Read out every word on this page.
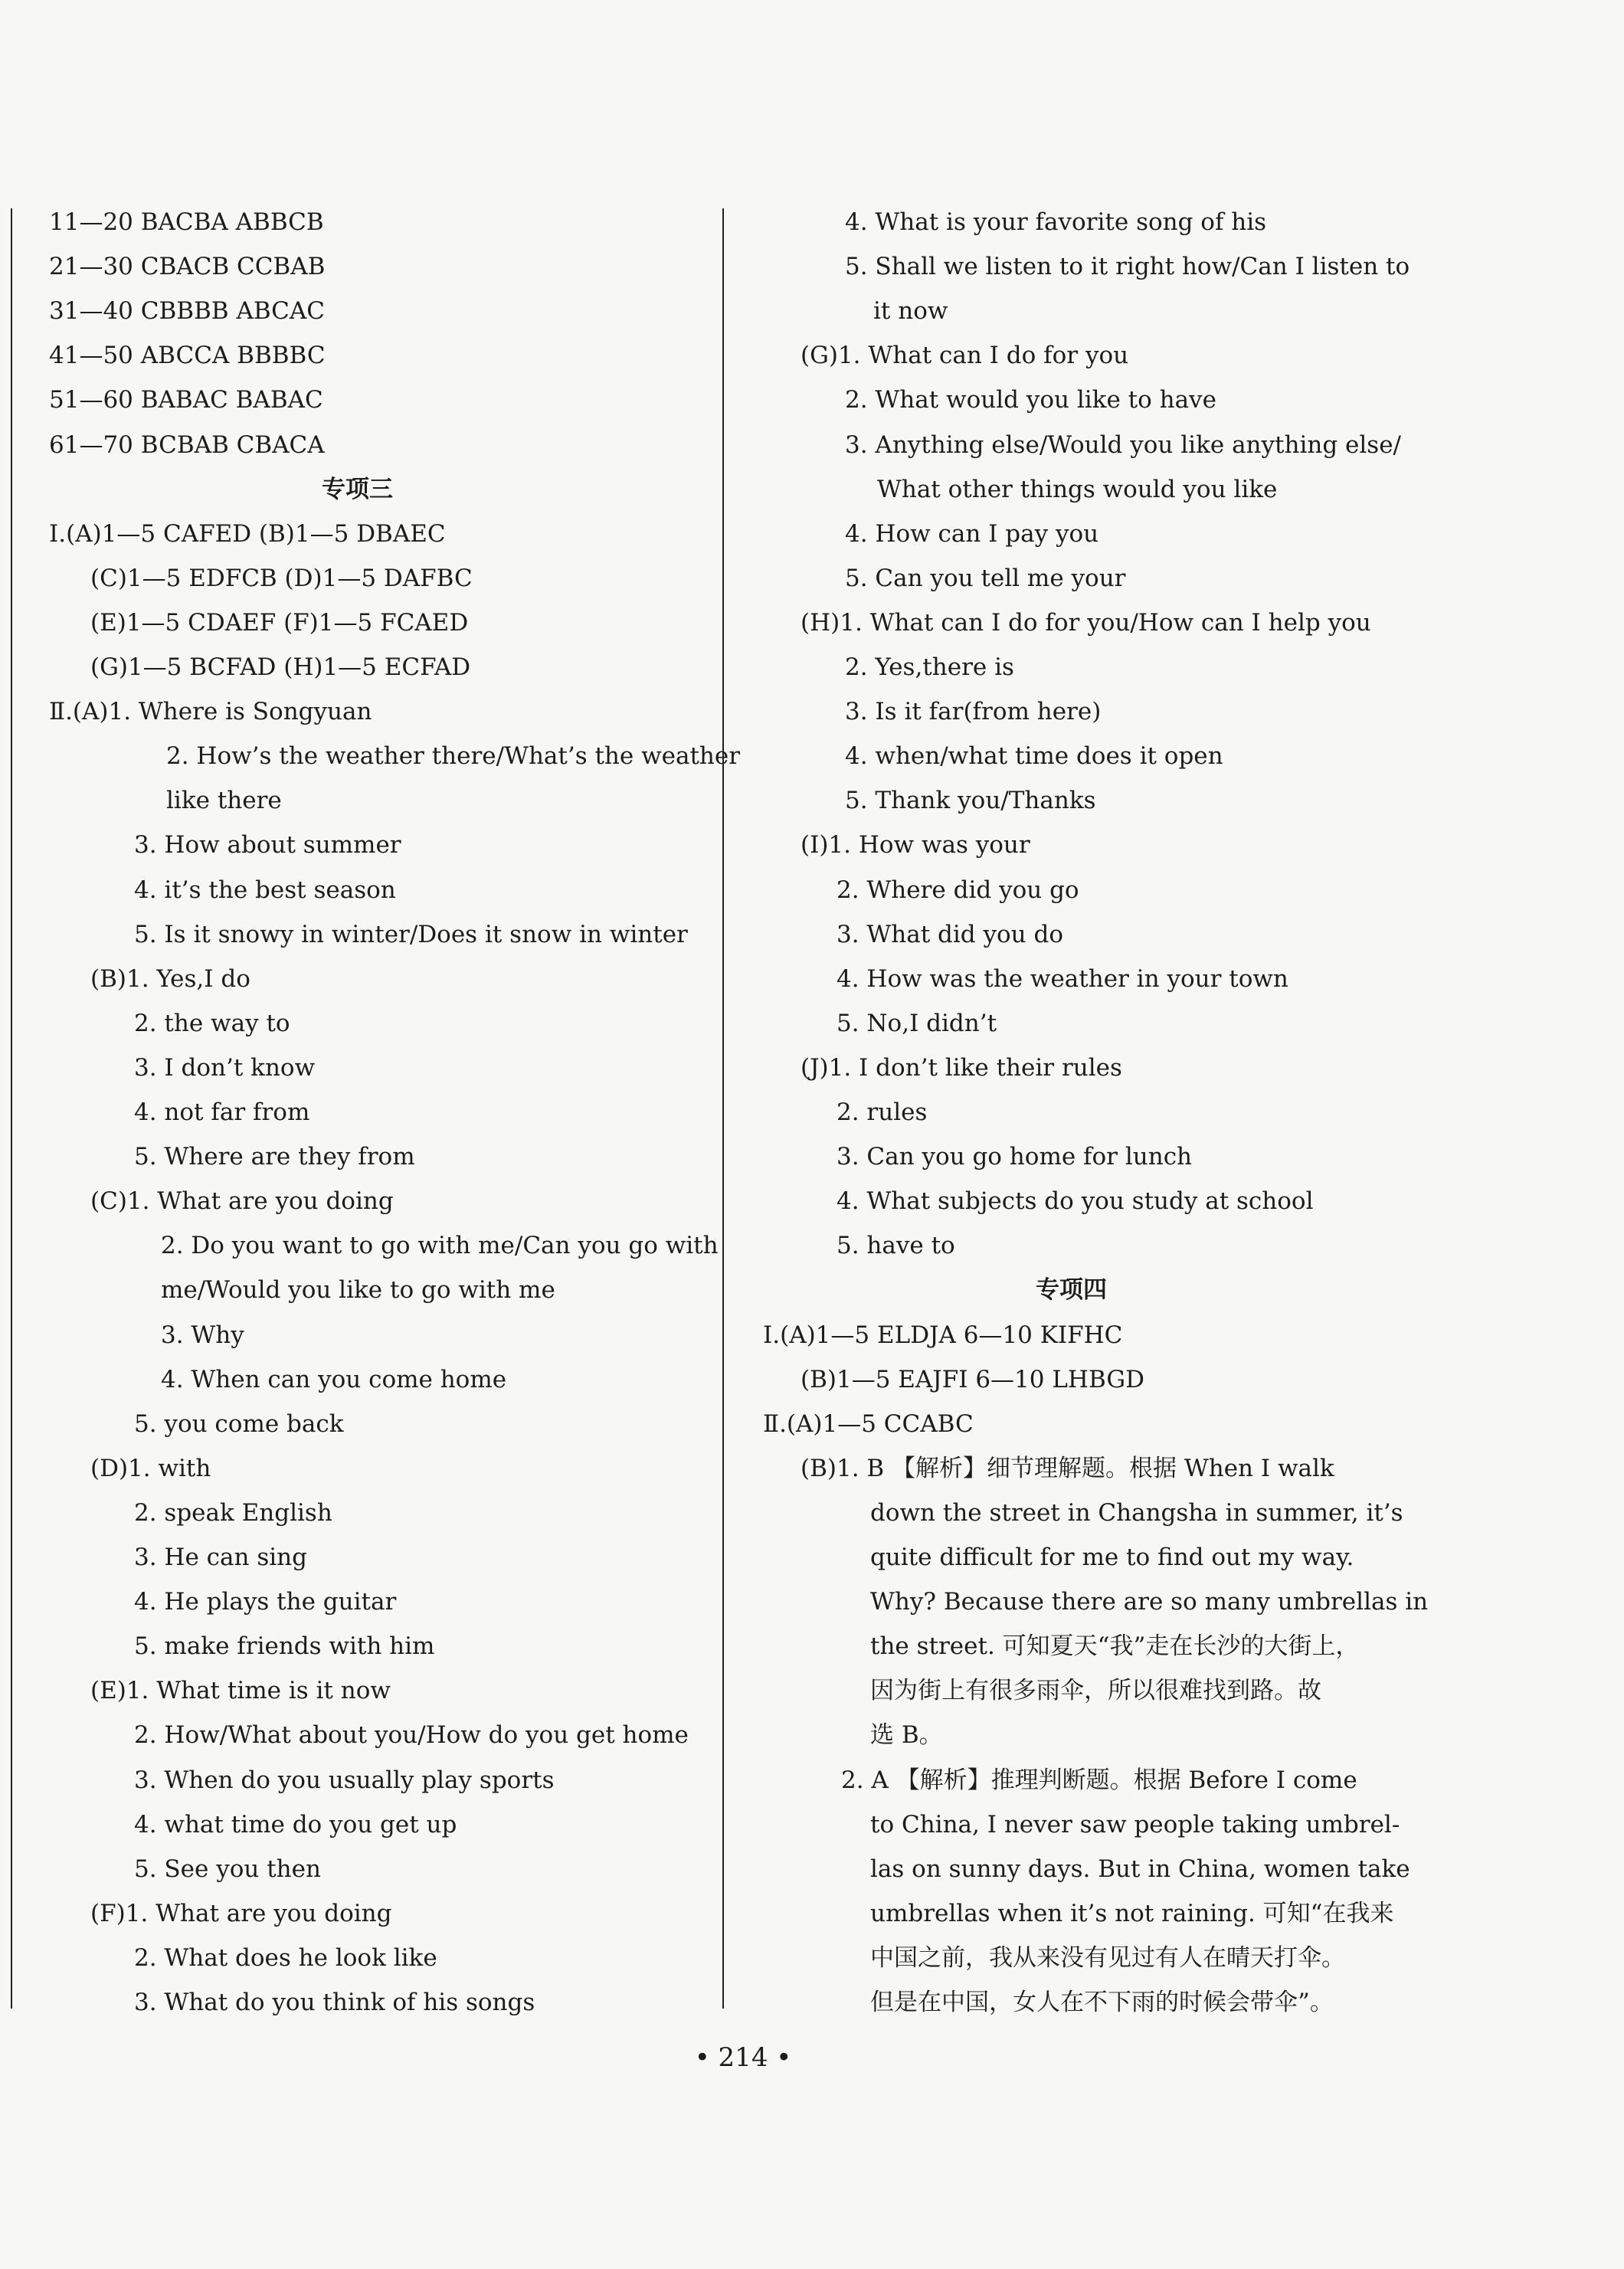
11—20 BACBA ABBCB
21—30 CBACB CCBAB
31—40 CBBBB ABCAC
41—50 ABCCA BBBBC
51—60 BABAC BABAC
61—70 BCBAB CBACA
专项三
Ⅰ.(A)1—5 CAFED (B)1—5 DBAEC
(C)1—5 EDFCB (D)1—5 DAFBC
(E)1—5 CDAEF (F)1—5 FCAED
(G)1—5 BCFAD (H)1—5 ECFAD
Ⅱ.(A)1. Where is Songyuan
2. How’s the weather there/What’s the weather
like there
3. How about summer
4. it’s the best season
5. Is it snowy in winter/Does it snow in winter
(B)1. Yes,I do
2. the way to
3. I don’t know
4. not far from
5. Where are they from
(C)1. What are you doing
2. Do you want to go with me/Can you go with
me/Would you like to go with me
3. Why
4. When can you come home
5. you come back
(D)1. with
2. speak English
3. He can sing
4. He plays the guitar
5. make friends with him
(E)1. What time is it now
2. How/What about you/How do you get home
3. When do you usually play sports
4. what time do you get up
5. See you then
(F)1. What are you doing
2. What does he look like
3. What do you think of his songs
4. What is your favorite song of his
5. Shall we listen to it right how/Can I listen to
it now
(G)1. What can I do for you
2. What would you like to have
3. Anything else/Would you like anything else/
What other things would you like
4. How can I pay you
5. Can you tell me your
(H)1. What can I do for you/How can I help you
2. Yes,there is
3. Is it far(from here)
4. when/what time does it open
5. Thank you/Thanks
(I)1. How was your
2. Where did you go
3. What did you do
4. How was the weather in your town
5. No,I didn’t
(J)1. I don’t like their rules
2. rules
3. Can you go home for lunch
4. What subjects do you study at school
5. have to
专项四
Ⅰ.(A)1—5 ELDJA 6—10 KIFHC
(B)1—5 EAJFI 6—10 LHBGD
Ⅱ.(A)1—5 CCABC
(B)1. B 【解析】细节理解题。根据 When I walk
down the street in Changsha in summer, it’s
quite difficult for me to find out my way.
Why? Because there are so many umbrellas in
the street. 可知夏天“我”走在长沙的大街上，
因为街上有很多雨伞，所以很难找到路。故
选 B。
2. A 【解析】推理判断题。根据 Before I come
to China, I never saw people taking umbrel-
las on sunny days. But in China, women take
umbrellas when it’s not raining. 可知“在我来
中国之前，我从来没有见过有人在晴天打伞。
但是在中国，女人在不下雨的时候会带伞”。
• 214 •
